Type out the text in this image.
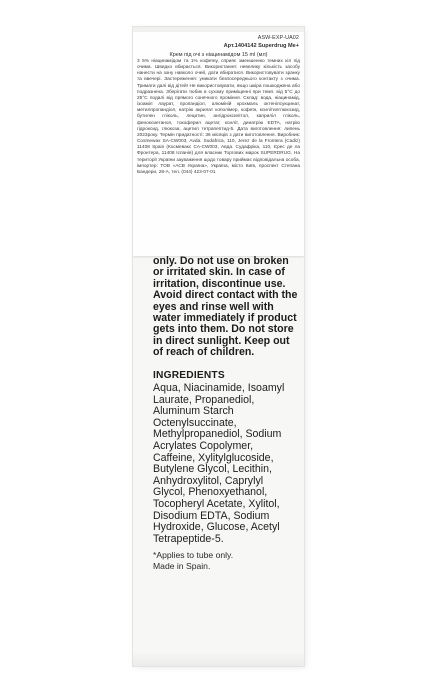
ASW-EXP-UA02
Арт.1404142 Superdrug Me+
Крем під очі з ніацинамідом 15 ml (мл)
3 5% ніацинамідом та 1% кофеїну, сприяє зменшенню темних кіл під очима. Швидко вбирається. Використання: невелику кількість засобу нанести на зону навколо очей, дати вбиратися. Використовувати зранку та ввечері. Застереження: уникати безпосереднього контакту з очима. Тримати далі від дітей! Не використовувати, якщо шкіра пошкоджена або подразнена. Зберігати тюбик в сухому приміщенні при темп. від 5°С до 25°С подалі від прямого сонячного проміння. Склад: вода, ніацинамід, ізоаміл лаурат, пропандіол, алюміній крохмаль октенілсукцинат, метилпропандіол, натрію акрилат кополімер, кофеїн, ксилітилглюкозид, бутилен гліколь, лецитин, ангідроксилітол, каприліл гліколь, феноксиетанол, токоферил ацетат, ксиліт, динатрію EDTA, натрію гідроксид, глюкоза, ацетил тетрапептид-5. Дата виготовлення: липень 2023року. Термін придатності: 36 місяців з дати виготовлення. Виробник: Cosmewax SA-CW003, Avda. Sudafrica, 110, Jerez de la Frontera (Cadiz) 11408 Spain (Космевакс СА-CW003, Авда. Судафріка, 110, Єрес де ла Фронтера, 11408 Іспанія) для власник Торгових марок SUPERDRUG. На території України зауваження щодо товару приймає відповідальна особа, імпортер: ТОВ «АСВ Україна», Україна, місто Київ, проспект Степана Бандери, 28-А, тел. (044) 423-07-01
only. Do not use on broken or irritated skin. In case of irritation, discontinue use. Avoid direct contact with the eyes and rinse well with water immediately if product gets into them. Do not store in direct sunlight. Keep out of reach of children.
INGREDIENTS
Aqua, Niacinamide, Isoamyl Laurate, Propanediol, Aluminum Starch Octenylsuccinate, Methylpropanediol, Sodium Acrylates Copolymer, Caffeine, Xylitylglucoside, Butylene Glycol, Lecithin, Anhydroxylitol, Caprylyl Glycol, Phenoxyethanol, Tocopheryl Acetate, Xylitol, Disodium EDTA, Sodium Hydroxide, Glucose, Acetyl Tetrapeptide-5.
*Applies to tube only.
Made in Spain.
